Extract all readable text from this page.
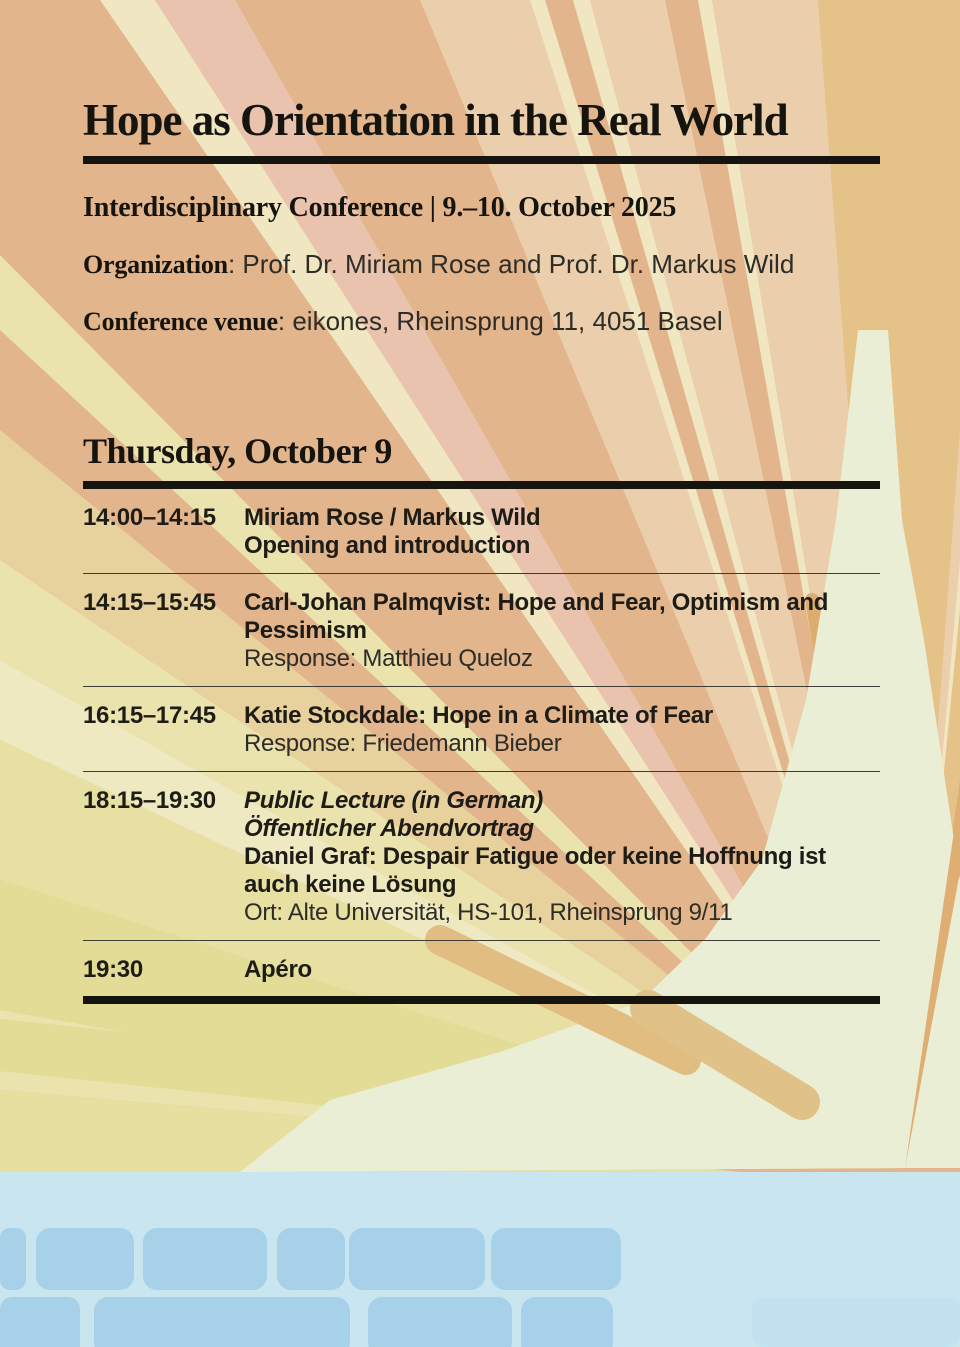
Hope as Orientation in the Real World
Interdisciplinary Conference | 9.–10. October 2025

Organization: Prof. Dr. Miriam Rose and Prof. Dr. Markus Wild

Conference venue: eikones, Rheinsprung 11, 4051 Basel

Thursday, October 9
14:00–14:15	Miriam Rose / Markus Wild
Opening and introduction
14:15–15:45	Carl-Johan Palmqvist: Hope and Fear, Optimism and Pessimism
Response: Matthieu Queloz
16:15–17:45	Katie Stockdale: Hope in a Climate of Fear
Response: Friedemann Bieber
18:15–19:30	Public Lecture (in German)
Öffentlicher Abendvortrag
Daniel Graf: Despair Fatigue oder keine Hoffnung ist auch keine Lösung
Ort: Alte Universität, HS-101, Rheinsprung 9/11
19:30	Apéro
